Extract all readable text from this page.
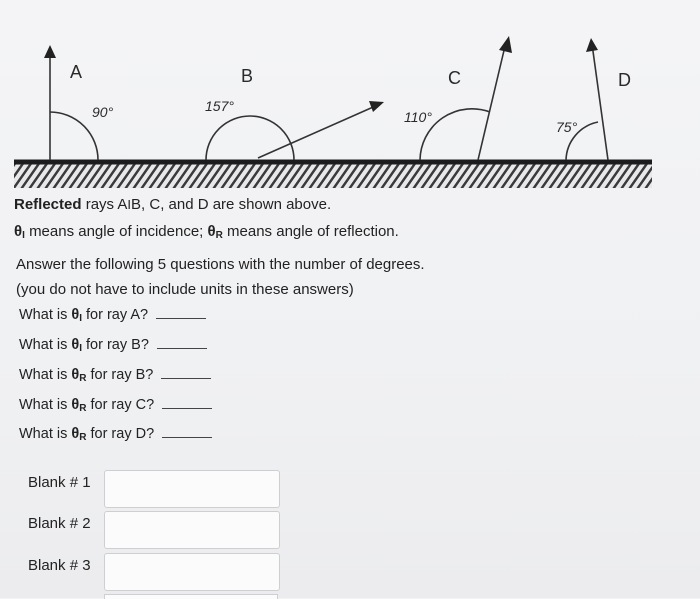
A	B	C	D
90°	157°
110°
75°

Reflected rays AIB, C, and D are shown above.

$\theta_I$ means angle of incidence; $\theta_R$ means angle of reflection.

Answer the following 5 questions with the number of degrees.

(you do not have to include units in these answers)

What is $\theta_I$ for ray A?
What is $\theta_I$ for ray B?
What is $\theta_R$ for ray B?
What is $\theta_R$ for ray C?
What is $\theta_R$ for ray D?
Blank # 1
Blank # 2
Blank # 3
